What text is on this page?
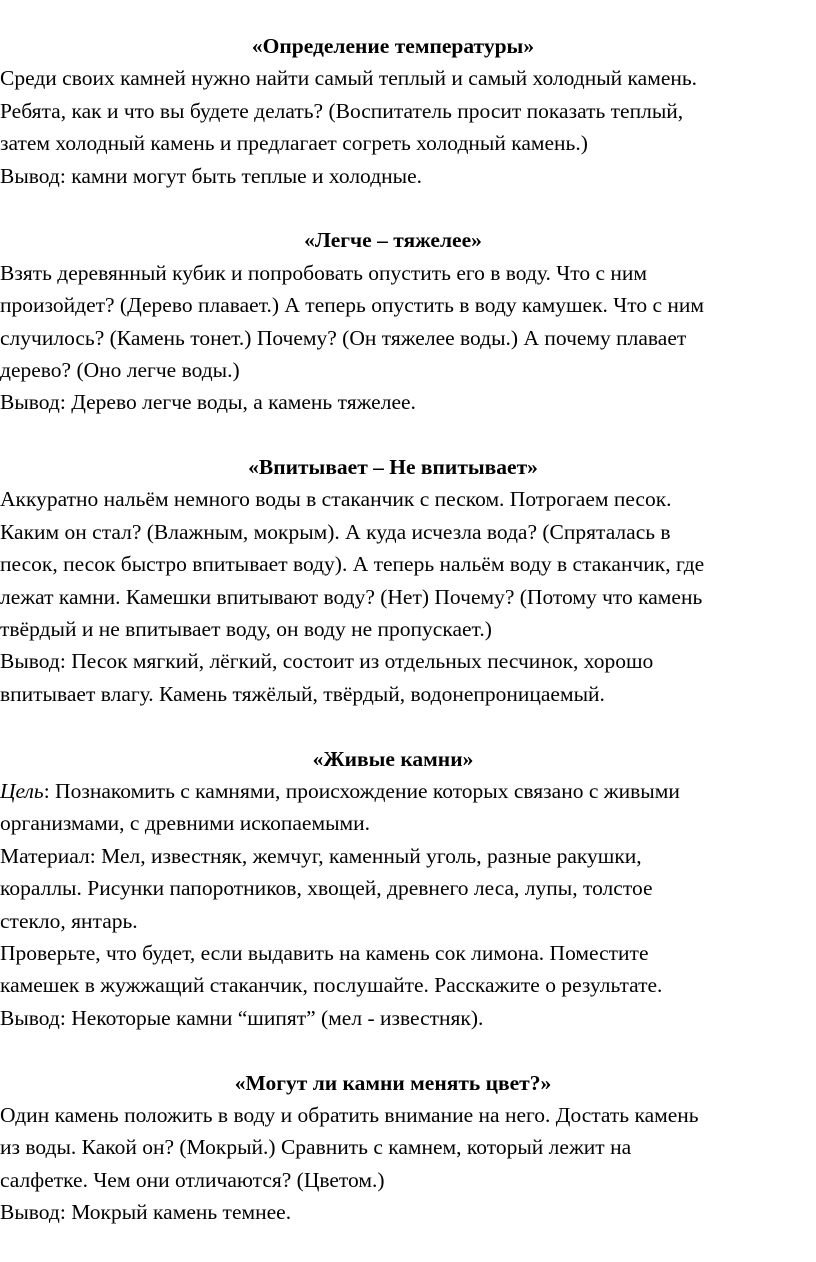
«Определение температуры»
Среди своих камней нужно найти самый теплый и самый холодный камень.
Ребята, как и что вы будете делать? (Воспитатель просит показать теплый,
затем холодный камень и предлагает согреть холодный камень.)
Вывод: камни могут быть теплые и холодные.
«Легче – тяжелее»
Взять деревянный кубик и попробовать опустить его в воду. Что с ним
произойдет? (Дерево плавает.) А теперь опустить в воду камушек. Что с ним
случилось? (Камень тонет.) Почему? (Он тяжелее воды.) А почему плавает
дерево? (Оно легче воды.)
Вывод: Дерево легче воды, а камень тяжелее.
«Впитывает – Не впитывает»
Аккуратно нальём немного воды в стаканчик с песком. Потрогаем песок.
Каким он стал? (Влажным, мокрым). А куда исчезла вода? (Спряталась в
песок, песок быстро впитывает воду). А теперь нальём воду в стаканчик, где
лежат камни. Камешки впитывают воду? (Нет) Почему? (Потому что камень
твёрдый и не впитывает воду, он воду не пропускает.)
Вывод: Песок мягкий, лёгкий, состоит из отдельных песчинок, хорошо
впитывает влагу. Камень тяжёлый, твёрдый, водонепроницаемый.
«Живые камни»
Цель: Познакомить с камнями, происхождение которых связано с живыми
организмами, с древними ископаемыми.
Материал: Мел, известняк, жемчуг, каменный уголь, разные ракушки,
кораллы. Рисунки папоротников, хвощей, древнего леса, лупы, толстое
стекло, янтарь.
Проверьте, что будет, если выдавить на камень сок лимона. Поместите
камешек в жужжащий стаканчик, послушайте. Расскажите о результате.
Вывод: Некоторые камни “шипят” (мел - известняк).
«Могут ли камни менять цвет?»
Один камень положить в воду и обратить внимание на него. Достать камень
из воды. Какой он? (Мокрый.) Сравнить с камнем, который лежит на
салфетке. Чем они отличаются? (Цветом.)
Вывод: Мокрый камень темнее.
